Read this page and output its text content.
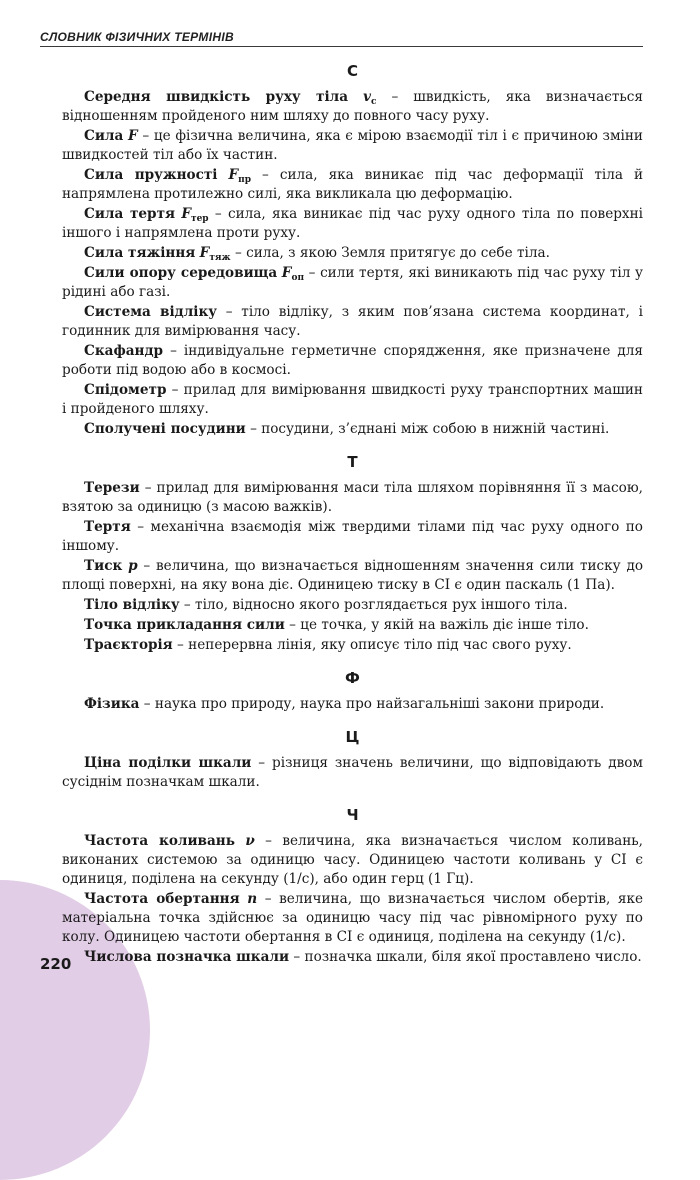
СЛОВНИК ФІЗИЧНИХ ТЕРМІНІВ
С

Середня швидкість руху тіла $v_с$ – швидкість, яка визначається відношенням пройденого ним шляху до повного часу руху.

Сила F – це фізична величина, яка є мірою взаємодії тіл і є причиною зміни швидкостей тіл або їх частин.

Сила пружності $F_{пр}$ – сила, яка виникає під час деформації тіла й напрямлена протилежно силі, яка викликала цю деформацію.

Сила тертя $F_{тер}$ – сила, яка виникає під час руху одного тіла по поверхні іншого і напрямлена проти руху.

Сила тяжіння $F_{тяж}$ – сила, з якою Земля притягує до себе тіла.

Сили опору середовища $F_{оп}$ – сили тертя, які виникають під час руху тіл у рідині або газі.

Система відліку – тіло відліку, з яким пов’язана система координат, і годинник для вимірювання часу.

Скафандр – індивідуальне герметичне спорядження, яке призначене для роботи під водою або в космосі.

Спідометр – прилад для вимірювання швидкості руху транспортних машин і пройденого шляху.

Сполучені посудини – посудини, з’єднані між собою в нижній частині.

Т

Терези – прилад для вимірювання маси тіла шляхом порівняння її з масою, взятою за одиницю (з масою важків).

Тертя – механічна взаємодія між твердими тілами під час руху одного по іншому.

Тиск p – величина, що визначається відношенням значення сили тиску до площі поверхні, на яку вона діє. Одиницею тиску в СІ є один паскаль (1 Па).

Тіло відліку – тіло, відносно якого розглядається рух іншого тіла.

Точка прикладання сили – це точка, у якій на важіль діє інше тіло.

Траєкторія – неперервна лінія, яку описує тіло під час свого руху.

Ф

Фізика – наука про природу, наука про найзагальніші закони природи.

Ц

Ціна поділки шкали – різниця значень величини, що відповідають двом сусіднім позначкам шкали.

Ч

Частота коливань ν – величина, яка визначається числом коливань, виконаних системою за одиницю часу. Одиницею частоти коливань у СІ є одиниця, поділена на секунду (1/с), або один герц (1 Гц).

Частота обертання n – величина, що визначається числом обертів, яке матеріальна точка здійснює за одиницю часу під час рівномірного руху по колу. Одиницею частоти обертання в СІ є одиниця, поділена на секунду (1/с).

Числова позначка шкали – позначка шкали, біля якої проставлено число.

220
